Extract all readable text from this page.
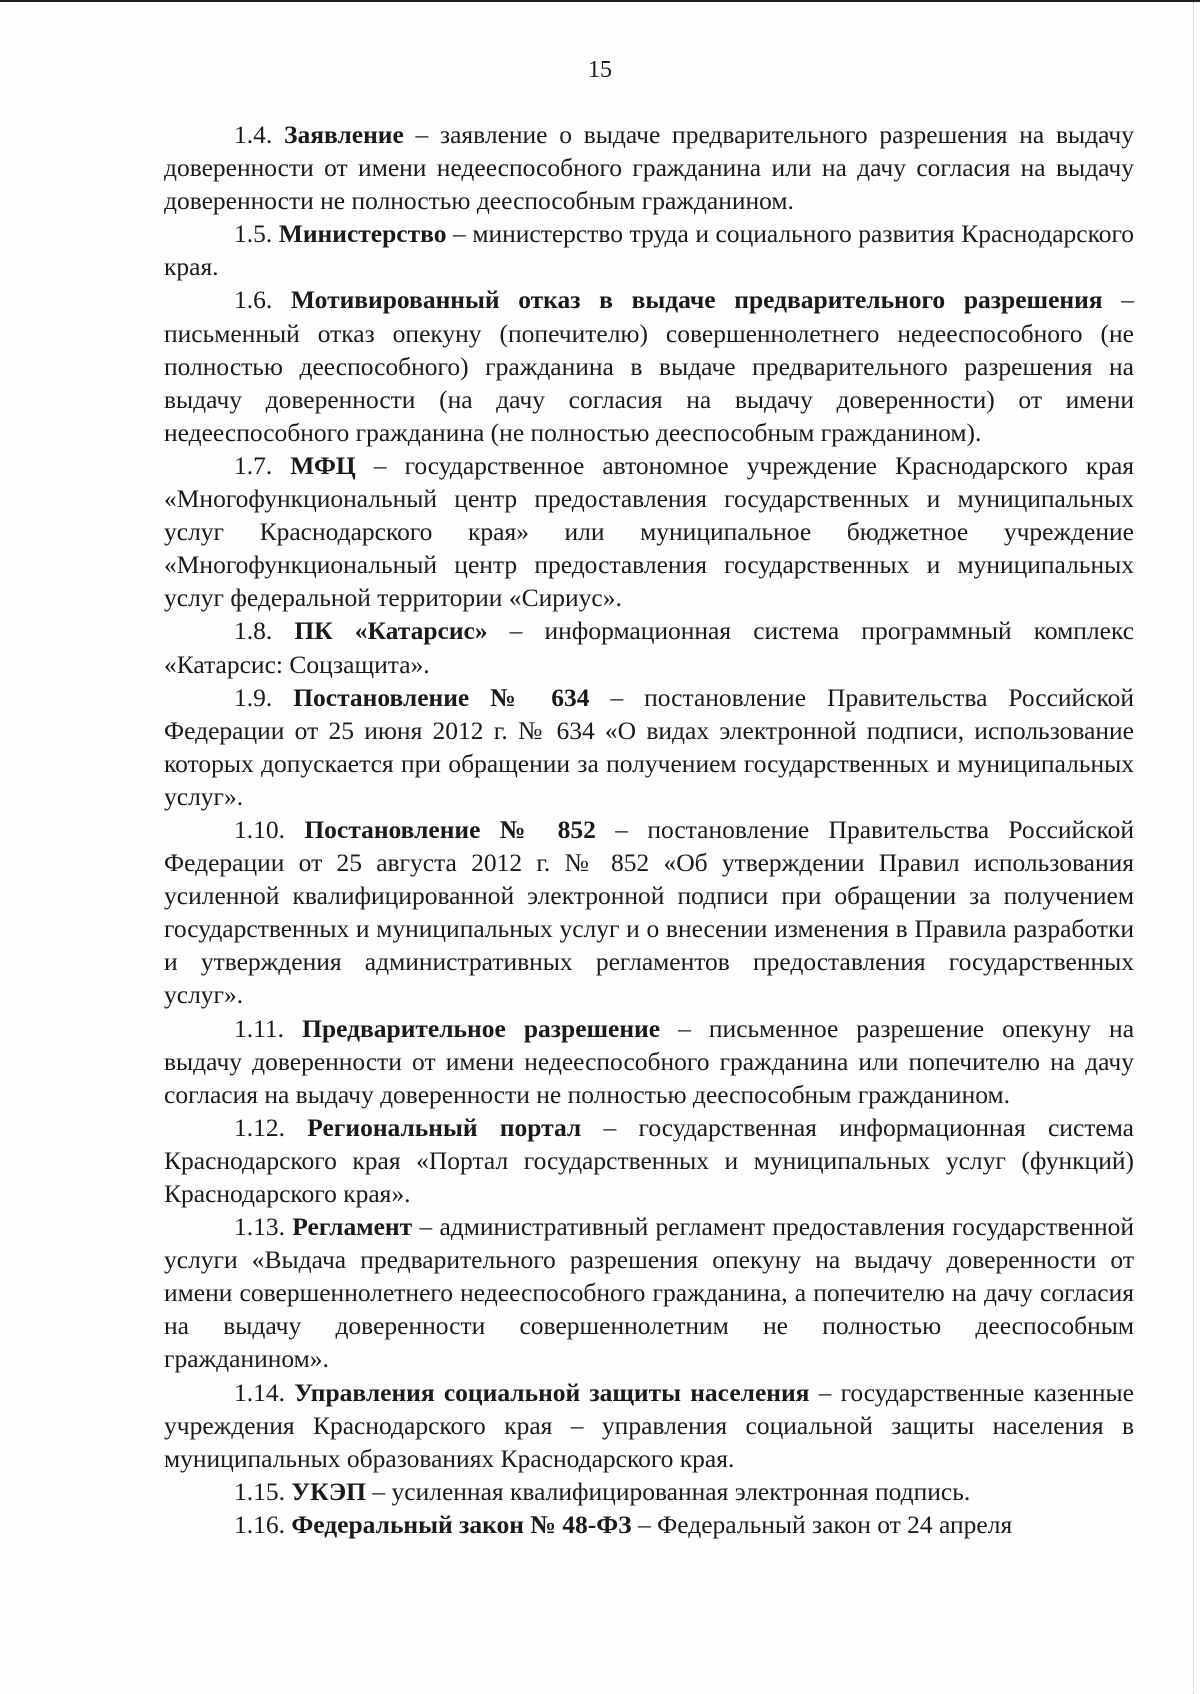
15

1.4. Заявление – заявление о выдаче предварительного разрешения на выдачу доверенности от имени недееспособного гражданина или на дачу согласия на выдачу доверенности не полностью дееспособным гражданином.

1.5. Министерство – министерство труда и социального развития Краснодарского края.

1.6. Мотивированный отказ в выдаче предварительного разрешения – письменный отказ опекуну (попечителю) совершеннолетнего недееспособного (не полностью дееспособного) гражданина в выдаче предварительного разрешения на выдачу доверенности (на дачу согласия на выдачу доверенности) от имени недееспособного гражданина (не полностью дееспособным гражданином).

1.7. МФЦ – государственное автономное учреждение Краснодарского края «Многофункциональный центр предоставления государственных и муниципальных услуг Краснодарского края» или муниципальное бюджетное учреждение «Многофункциональный центр предоставления государственных и муниципальных услуг федеральной территории «Сириус».

1.8. ПК «Катарсис» – информационная система программный комплекс «Катарсис: Соцзащита».

1.9. Постановление № 634 – постановление Правительства Российской Федерации от 25 июня 2012 г. № 634 «О видах электронной подписи, использование которых допускается при обращении за получением государственных и муниципальных услуг».

1.10. Постановление № 852 – постановление Правительства Российской Федерации от 25 августа 2012 г. № 852 «Об утверждении Правил использования усиленной квалифицированной электронной подписи при обращении за получением государственных и муниципальных услуг и о внесении изменения в Правила разработки и утверждения административных регламентов предоставления государственных услуг».

1.11. Предварительное разрешение – письменное разрешение опекуну на выдачу доверенности от имени недееспособного гражданина или попечителю на дачу согласия на выдачу доверенности не полностью дееспособным гражданином.

1.12. Региональный портал – государственная информационная система Краснодарского края «Портал государственных и муниципальных услуг (функций) Краснодарского края».

1.13. Регламент – административный регламент предоставления государственной услуги «Выдача предварительного разрешения опекуну на выдачу доверенности от имени совершеннолетнего недееспособного гражданина, а попечителю на дачу согласия на выдачу доверенности совершеннолетним не полностью дееспособным гражданином».

1.14. Управления социальной защиты населения – государственные казенные учреждения Краснодарского края – управления социальной защиты населения в муниципальных образованиях Краснодарского края.

1.15. УКЭП – усиленная квалифицированная электронная подпись.

1.16. Федеральный закон № 48-ФЗ – Федеральный закон от 24 апреля
